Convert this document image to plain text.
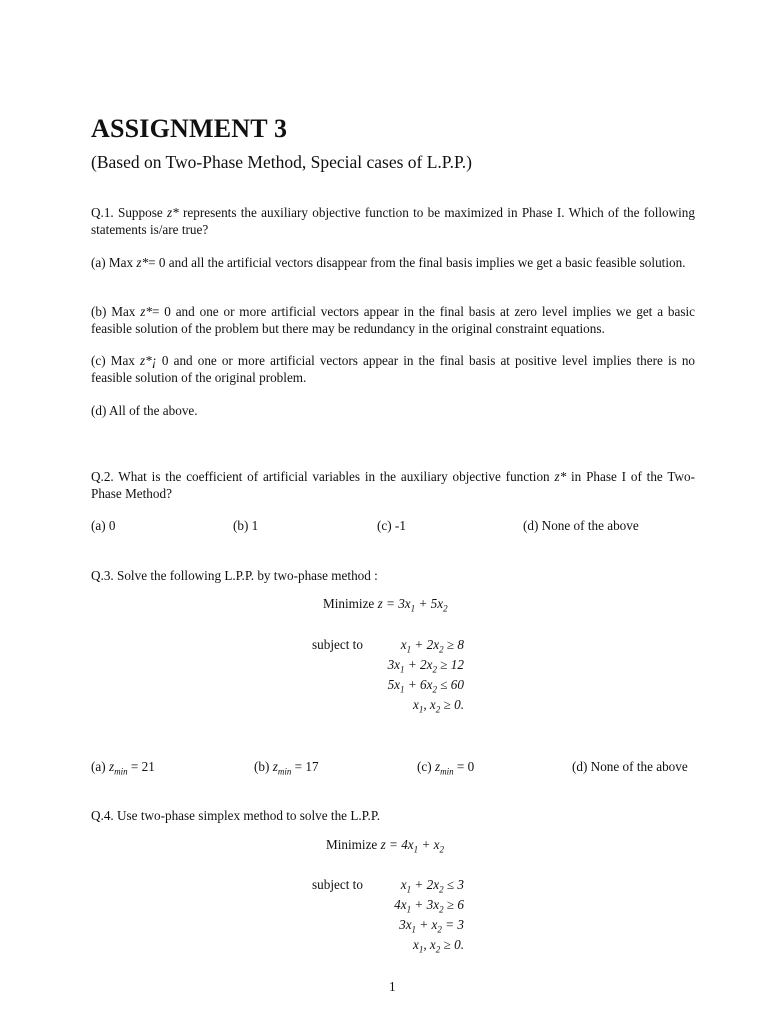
ASSIGNMENT 3
(Based on Two-Phase Method, Special cases of L.P.P.)
Q.1. Suppose z* represents the auxiliary objective function to be maximized in Phase I. Which of the following statements is/are true?
(a) Max z*= 0 and all the artificial vectors disappear from the final basis implies we get a basic feasible solution.
(b) Max z*= 0 and one or more artificial vectors appear in the final basis at zero level implies we get a basic feasible solution of the problem but there may be redundancy in the original constraint equations.
(c) Max z*¡ 0 and one or more artificial vectors appear in the final basis at positive level implies there is no feasible solution of the original problem.
(d) All of the above.
Q.2. What is the coefficient of artificial variables in the auxiliary objective function z* in Phase I of the Two-Phase Method?
(a) 0	(b) 1	(c) -1	(d) None of the above
Q.3. Solve the following L.P.P. by two-phase method :
Minimize $z = 3x_1 + 5x_2$
subject to	$x_1 + 2x_2 \ge 8$
$3x_1 + 2x_2 \ge 12$
$5x_1 + 6x_2 \le 60$
$x_1$, $x_2 \ge 0$.
(a) $z_{min} = 21$	(b) $z_{min} = 17$	(c) $z_{min} = 0$	(d) None of the above
Q.4. Use two-phase simplex method to solve the L.P.P.
Minimize $z = 4x_1 + x_2$
subject to	$x_1 + 2x_2 \le 3$
$4x_1 + 3x_2 \ge 6$
$3x_1 + x_2 = 3$
$x_1$, $x_2 \ge 0$.
1
